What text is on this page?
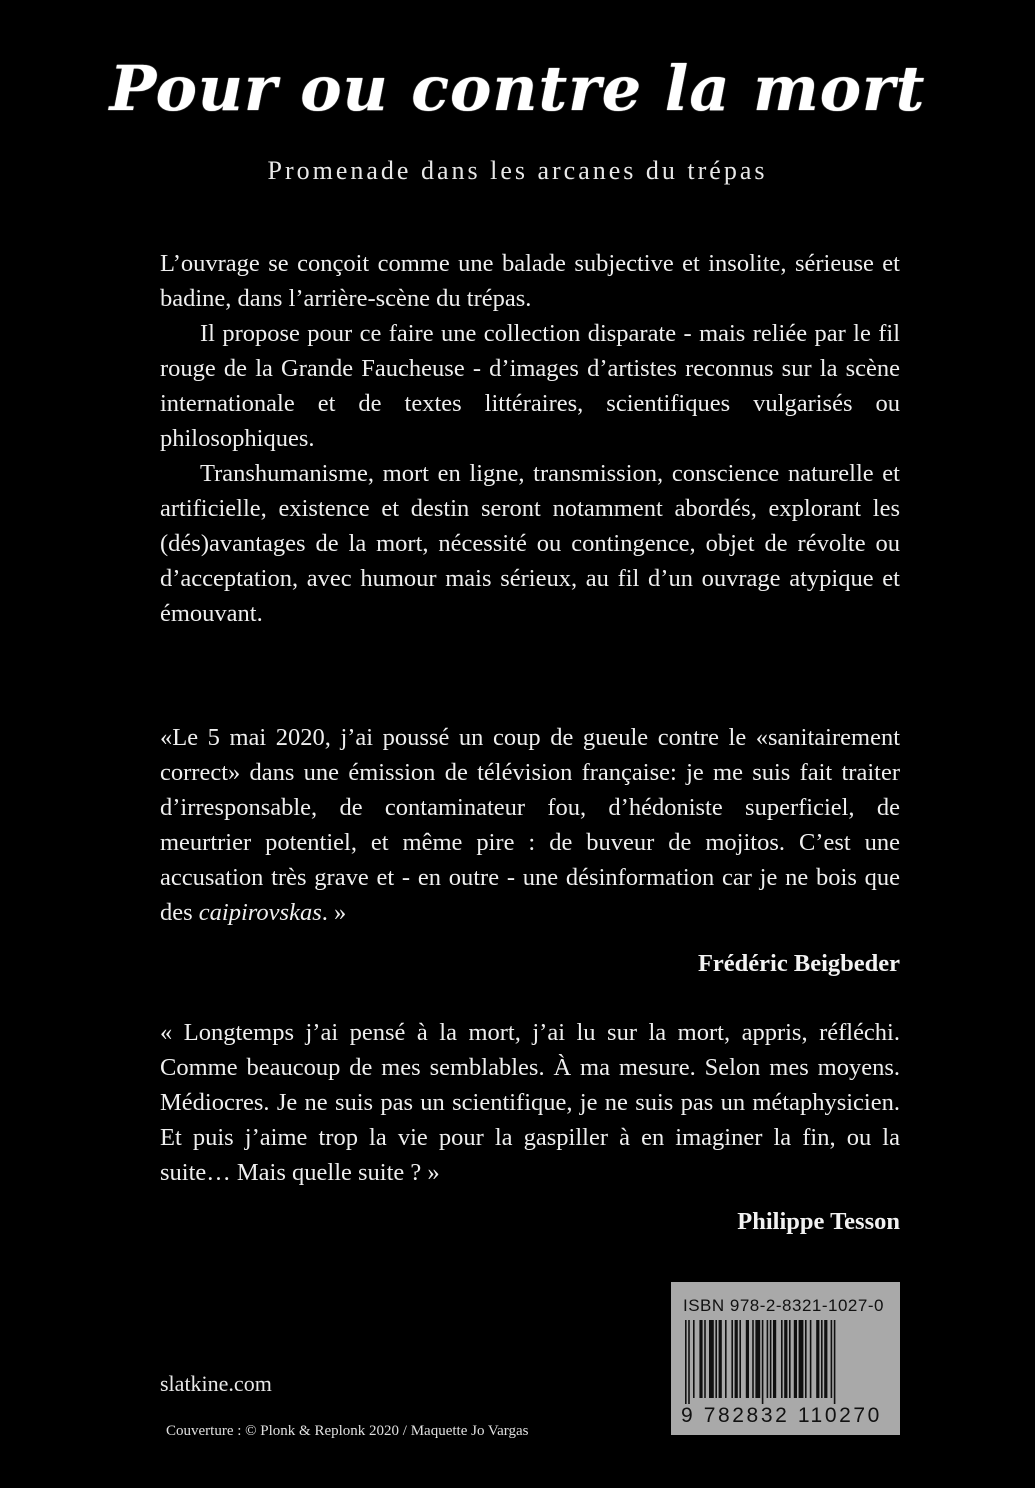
Pour ou contre la mort
Promenade dans les arcanes du trépas

L’ouvrage se conçoit comme une balade subjective et insolite, sérieuse et badine, dans l’arrière-scène du trépas.

Il propose pour ce faire une collection disparate - mais reliée par le fil rouge de la Grande Faucheuse - d’images d’artistes reconnus sur la scène internationale et de textes littéraires, scientifiques vulgarisés ou philosophiques.

Transhumanisme, mort en ligne, transmission, conscience naturelle et artificielle, existence et destin seront notamment abordés, explorant les (dés)avantages de la mort, nécessité ou contingence, objet de révolte ou d’acceptation, avec humour mais sérieux, au fil d’un ouvrage atypique et émouvant.

«Le 5 mai 2020, j’ai poussé un coup de gueule contre le «sanitairement correct» dans une émission de télévision française: je me suis fait traiter d’irresponsable, de contaminateur fou, d’hédoniste superficiel, de meurtrier potentiel, et même pire : de buveur de mojitos. C’est une accusation très grave et - en outre - une désinformation car je ne bois que des caipirovskas. »

Frédéric Beigbeder

« Longtemps j’ai pensé à la mort, j’ai lu sur la mort, appris, réfléchi. Comme beaucoup de mes semblables. À ma mesure. Selon mes moyens. Médiocres. Je ne suis pas un scientifique, je ne suis pas un métaphysicien. Et puis j’aime trop la vie pour la gaspiller à en imaginer la fin, ou la suite… Mais quelle suite ? »

Philippe Tesson
slatkine.com
Couverture : © Plonk & Replonk 2020 / Maquette Jo Vargas
ISBN 978-2-8321-1027-0
9 782832 110270
